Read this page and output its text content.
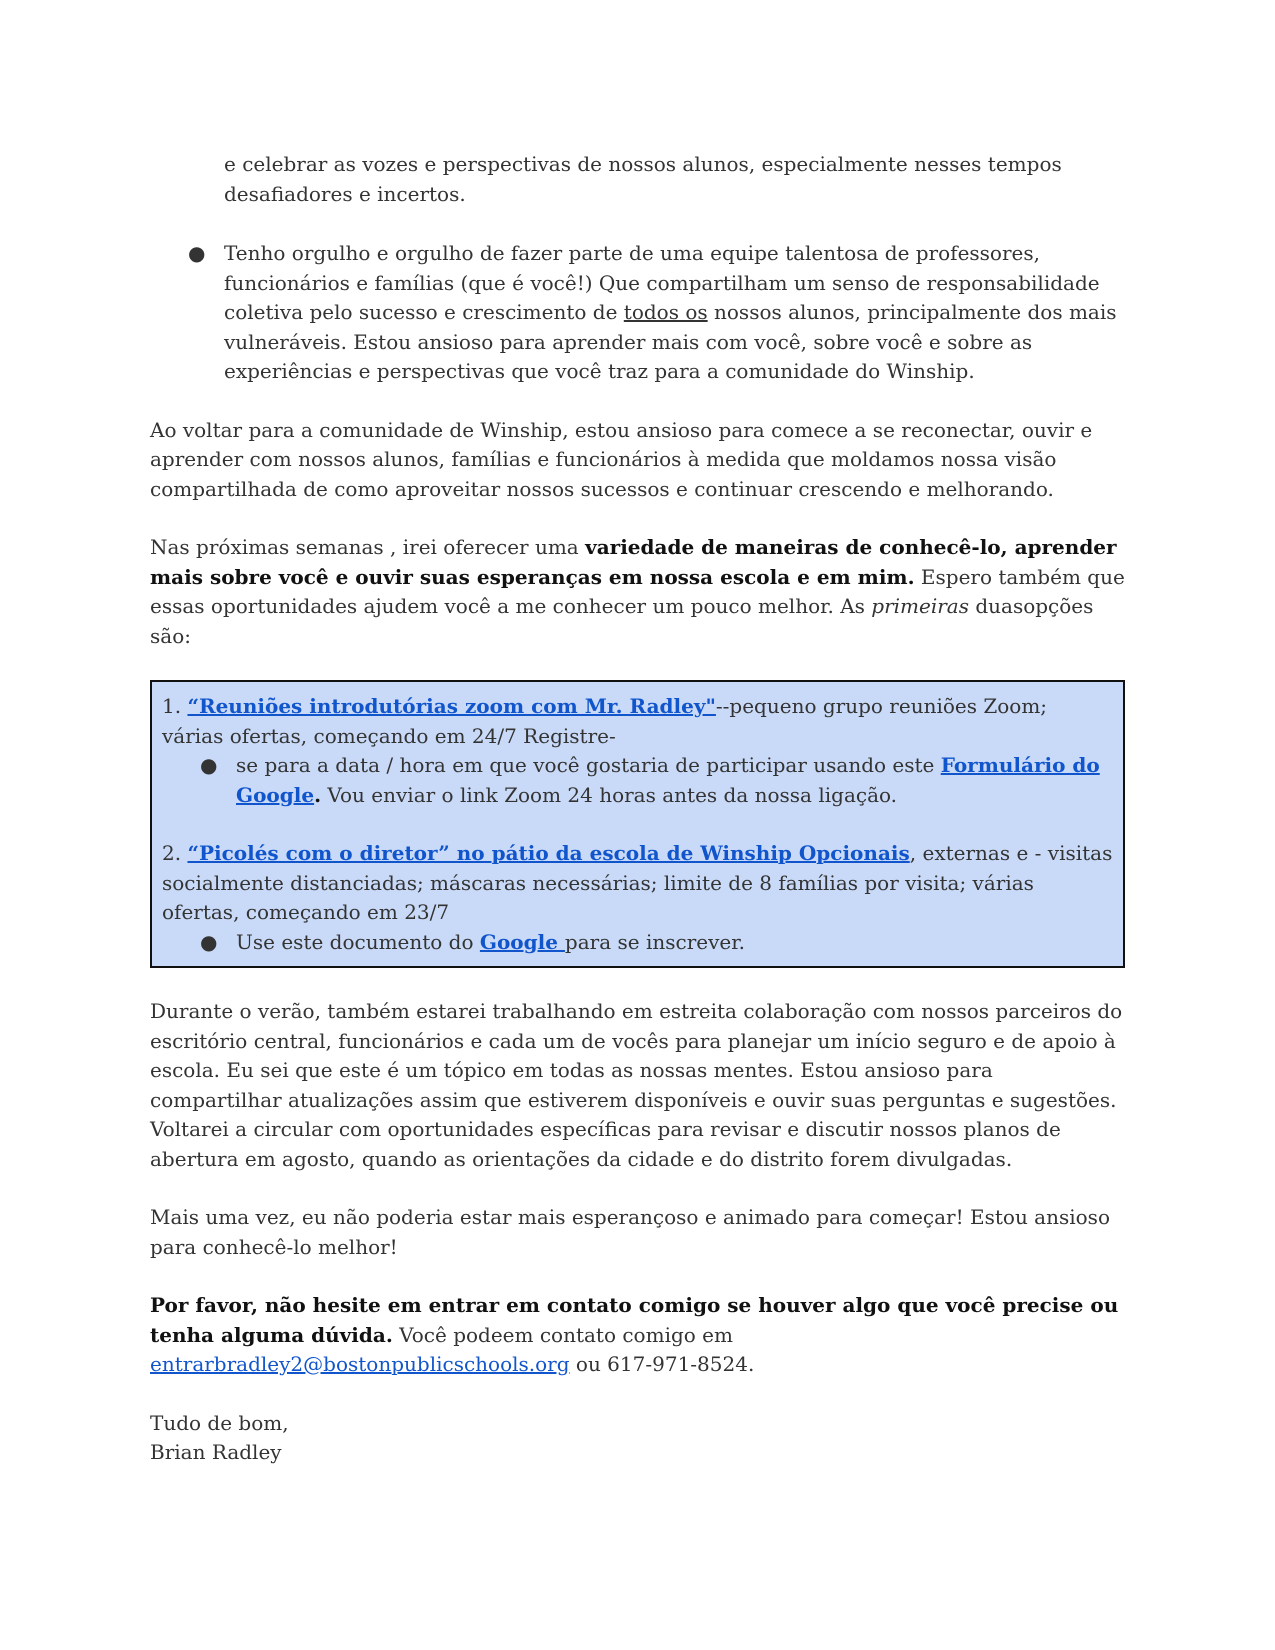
e celebrar as vozes e perspectivas de nossos alunos, especialmente nesses tempos desafiadores e incertos.

● Tenho orgulho e orgulho de fazer parte de uma equipe talentosa de professores, funcionários e famílias (que é você!) Que compartilham um senso de responsabilidade coletiva pelo sucesso e crescimento de todos os nossos alunos, principalmente dos mais vulneráveis. Estou ansioso para aprender mais com você, sobre você e sobre as experiências e perspectivas que você traz para a comunidade do Winship.

Ao voltar para a comunidade de Winship, estou ansioso para comece a se reconectar, ouvir e aprender com nossos alunos, famílias e funcionários à medida que moldamos nossa visão compartilhada de como aproveitar nossos sucessos e continuar crescendo e melhorando.

Nas próximas semanas , irei oferecer uma variedade de maneiras de conhecê-lo, aprender mais sobre você e ouvir suas esperanças em nossa escola e em mim. Espero também que essas oportunidades ajudem você a me conhecer um pouco melhor. As primeiras duasopções são:

1. “Reuniões introdutórias zoom com Mr. Radley"--pequeno grupo reuniões Zoom; várias ofertas, começando em 24/7 Registre-
● se para a data / hora em que você gostaria de participar usando este Formulário do Google. Vou enviar o link Zoom 24 horas antes da nossa ligação.
2. “Picolés com o diretor” no pátio da escola de Winship Opcionais, externas e - visitas socialmente distanciadas; máscaras necessárias; limite de 8 famílias por visita; várias ofertas, começando em 23/7
● Use este documento do Google para se inscrever.

Durante o verão, também estarei trabalhando em estreita colaboração com nossos parceiros do escritório central, funcionários e cada um de vocês para planejar um início seguro e de apoio à escola. Eu sei que este é um tópico em todas as nossas mentes. Estou ansioso para compartilhar atualizações assim que estiverem disponíveis e ouvir suas perguntas e sugestões. Voltarei a circular com oportunidades específicas para revisar e discutir nossos planos de abertura em agosto, quando as orientações da cidade e do distrito forem divulgadas.

Mais uma vez, eu não poderia estar mais esperançoso e animado para começar! Estou ansioso para conhecê-lo melhor!

Por favor, não hesite em entrar em contato comigo se houver algo que você precise ou tenha alguma dúvida. Você podeem contato comigo em entrarbradley2@bostonpublicschools.org ou 617-971-8524.

Tudo de bom,
Brian Radley
